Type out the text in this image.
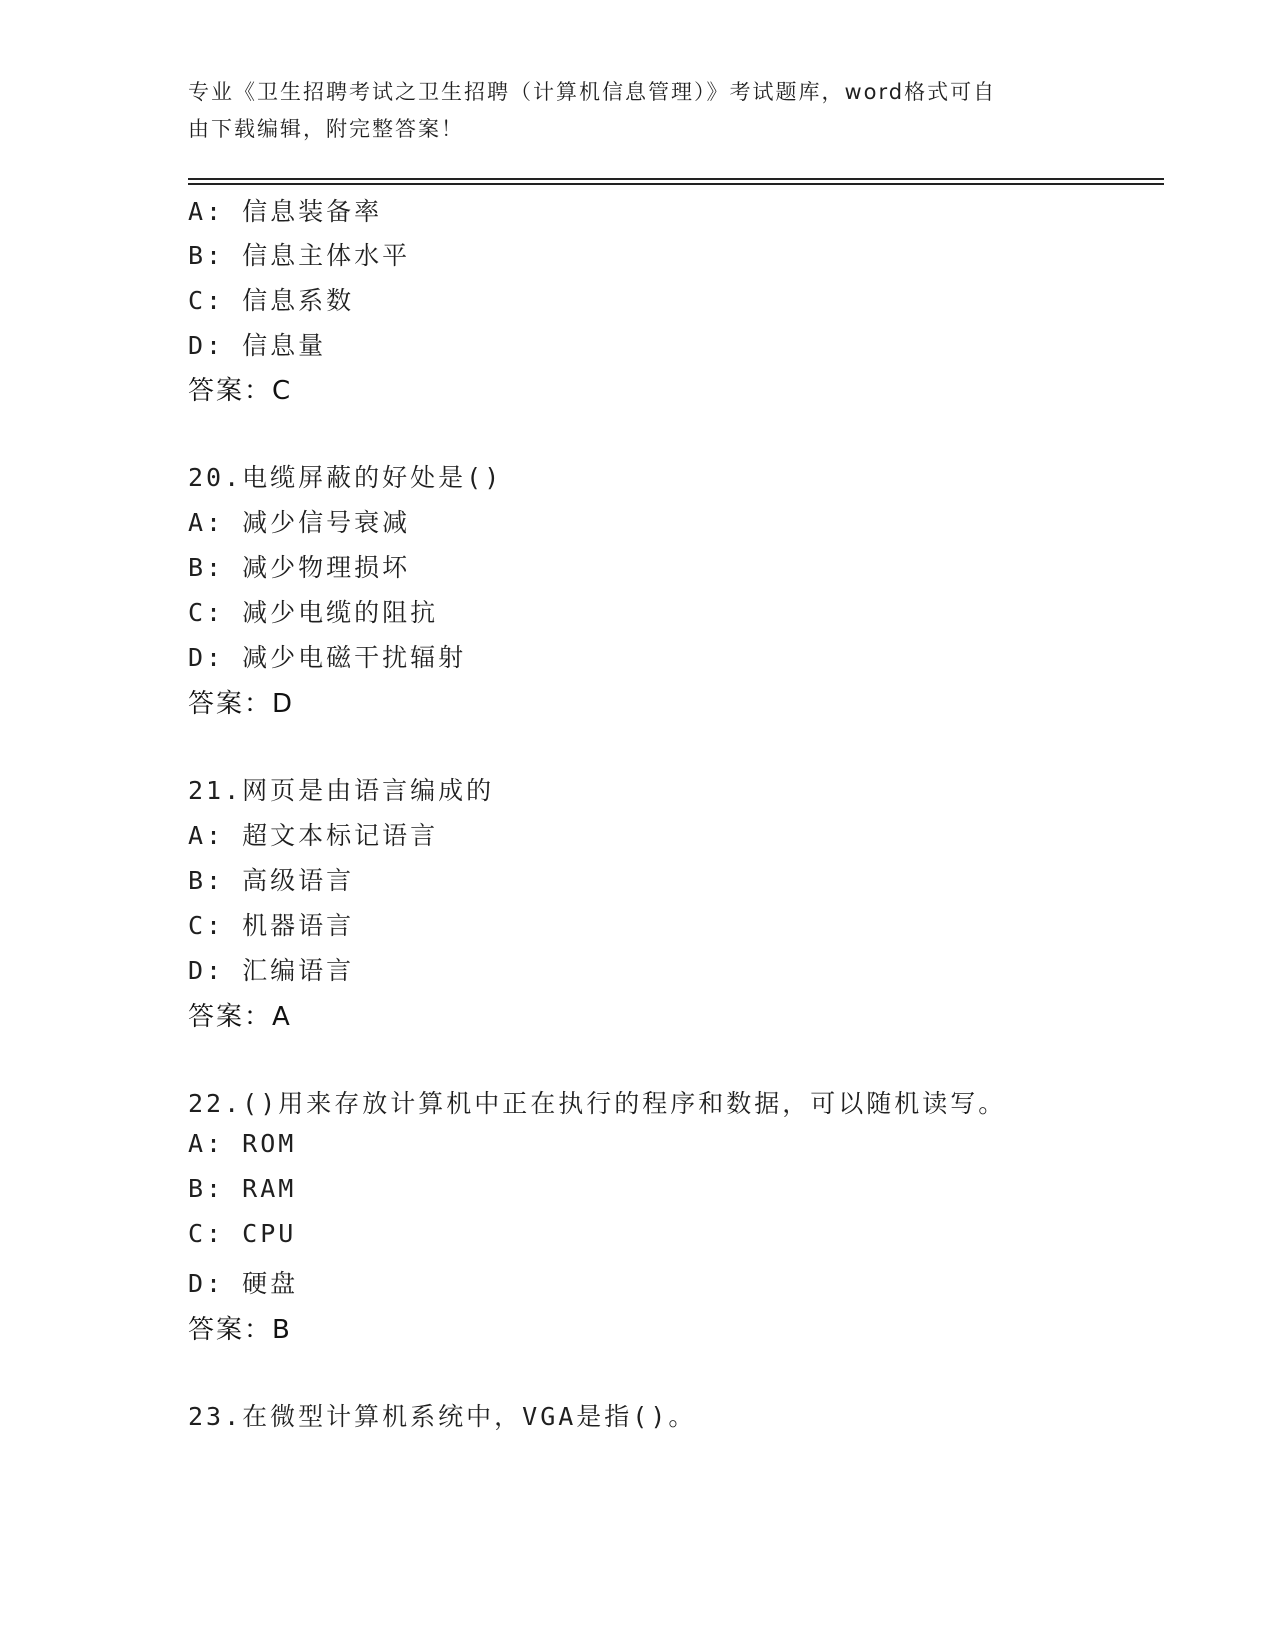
专业《卫生招聘考试之卫生招聘（计算机信息管理）》考试题库，word格式可自
由下载编辑，附完整答案！
A: 信息装备率
B: 信息主体水平
C: 信息系数
D: 信息量
答案：C
20.电缆屏蔽的好处是()
A: 减少信号衰减
B: 减少物理损坏
C: 减少电缆的阻抗
D: 减少电磁干扰辐射
答案：D
21.网页是由语言编成的
A: 超文本标记语言
B: 高级语言
C: 机器语言
D: 汇编语言
答案：A
22.()用来存放计算机中正在执行的程序和数据，可以随机读写。
A: ROM
B: RAM
C: CPU
D: 硬盘
答案：B
23.在微型计算机系统中，VGA是指()。
